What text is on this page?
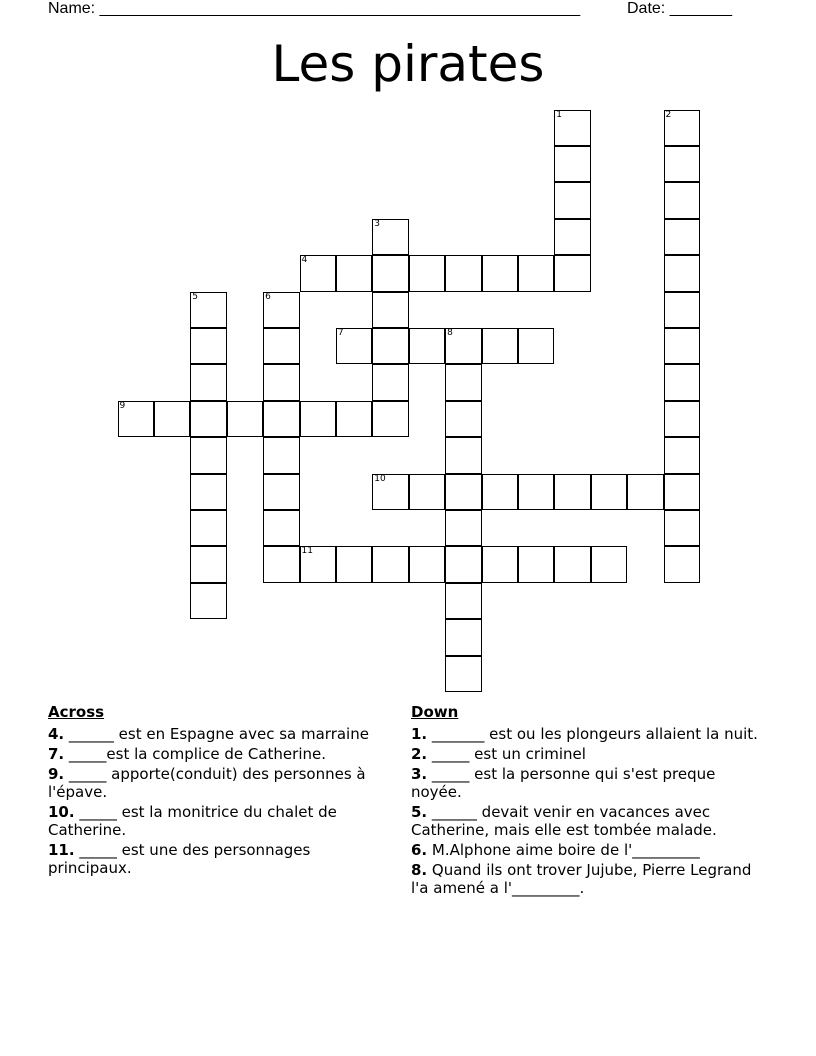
Name: ______________________________________________________	Date: _______
Les pirates
1	2
3
4
5	6
7	8
9
10
11
Across
4. ______ est en Espagne avec sa marraine
7. _____est la complice de Catherine.
9. _____ apporte(conduit) des personnes à l'épave.
10. _____ est la monitrice du chalet de Catherine.
11. _____ est une des personnages principaux.
Down
1. _______ est ou les plongeurs allaient la nuit.
2. _____ est un criminel
3. _____ est la personne qui s'est preque noyée.
5. ______ devait venir en vacances avec Catherine, mais elle est tombée malade.
6. M.Alphone aime boire de l'_________
8. Quand ils ont trover Jujube, Pierre Legrand l'a amené a l'_________.
